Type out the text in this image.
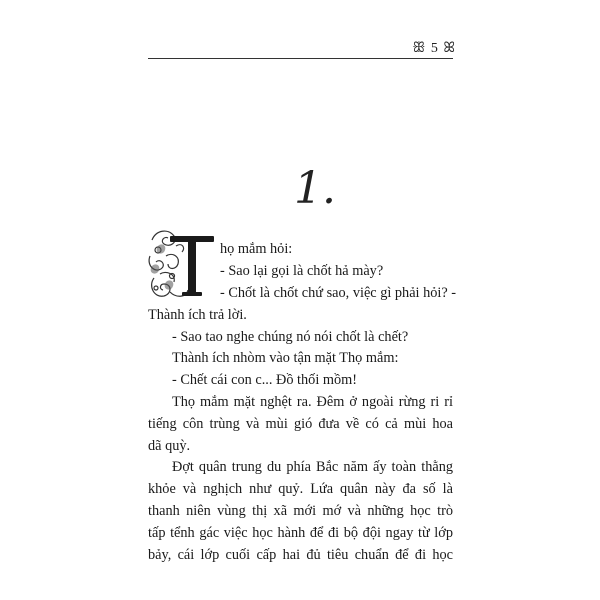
ꕥ 5 ꕤ
1.
T
họ mắm hỏi:
- Sao lại gọi là chốt hả mày?
- Chốt là chốt chứ sao, việc gì phải hỏi? -
Thành ích trả lời.
- Sao tao nghe chúng nó nói chốt là chết?
Thành ích nhòm vào tận mặt Thọ mắm:
- Chết cái con c... Đồ thối mồm!
Thọ mắm mặt nghệt ra. Đêm ở ngoài rừng ri rỉ
tiếng côn trùng và mùi gió đưa về có cả mùi hoa
dã quỳ.
Đợt quân trung du phía Bắc năm ấy toàn thằng
khỏe và nghịch như quỷ. Lứa quân này đa số là
thanh niên vùng thị xã mới mớ và những học trò
tấp tểnh gác việc học hành để đi bộ đội ngay từ lớp
bảy, cái lớp cuối cấp hai đủ tiêu chuẩn để đi học
